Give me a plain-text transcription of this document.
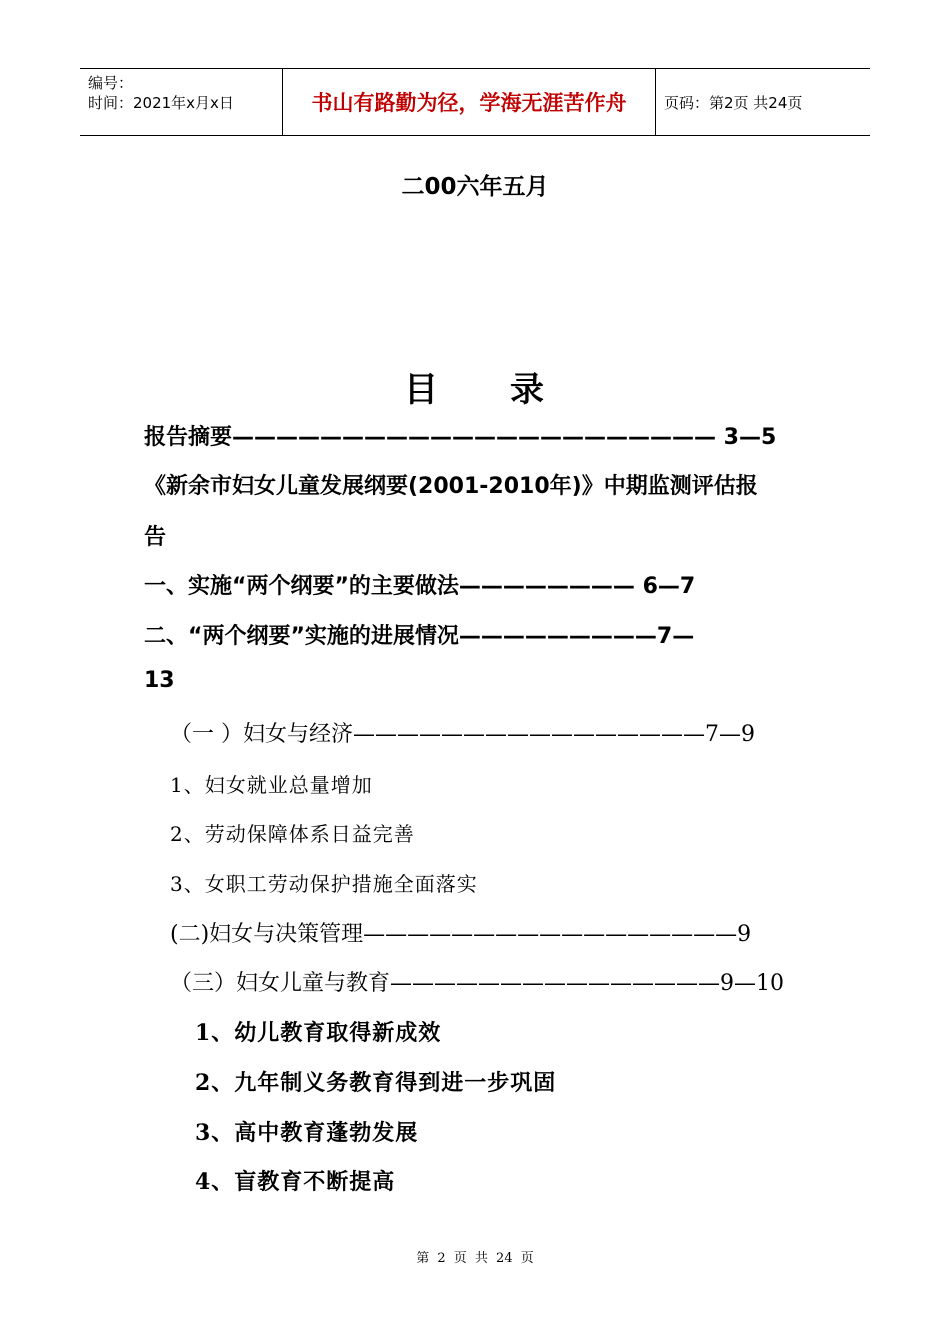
编号：
时间：2021年x月x日	书山有路勤为径，学海无涯苦作舟	页码：第2页 共24页
二00六年五月
目 录
报告摘要—————————————————————— 3—5
《新余市妇女儿童发展纲要(2001-2010年)》中期监测评估报
告
一、实施“两个纲要”的主要做法———————— 6—7
二、“两个纲要”实施的进展情况—————————7—
13
（一 ）妇女与经济————————————————7—9
1、妇女就业总量增加
2、劳动保障体系日益完善
3、女职工劳动保护措施全面落实
(二)妇女与决策管理—————————————————9
（三）妇女儿童与教育———————————————9—10
1、幼儿教育取得新成效
2、九年制义务教育得到进一步巩固
3、高中教育蓬勃发展
4、盲教育不断提高
第 2 页 共 24 页
